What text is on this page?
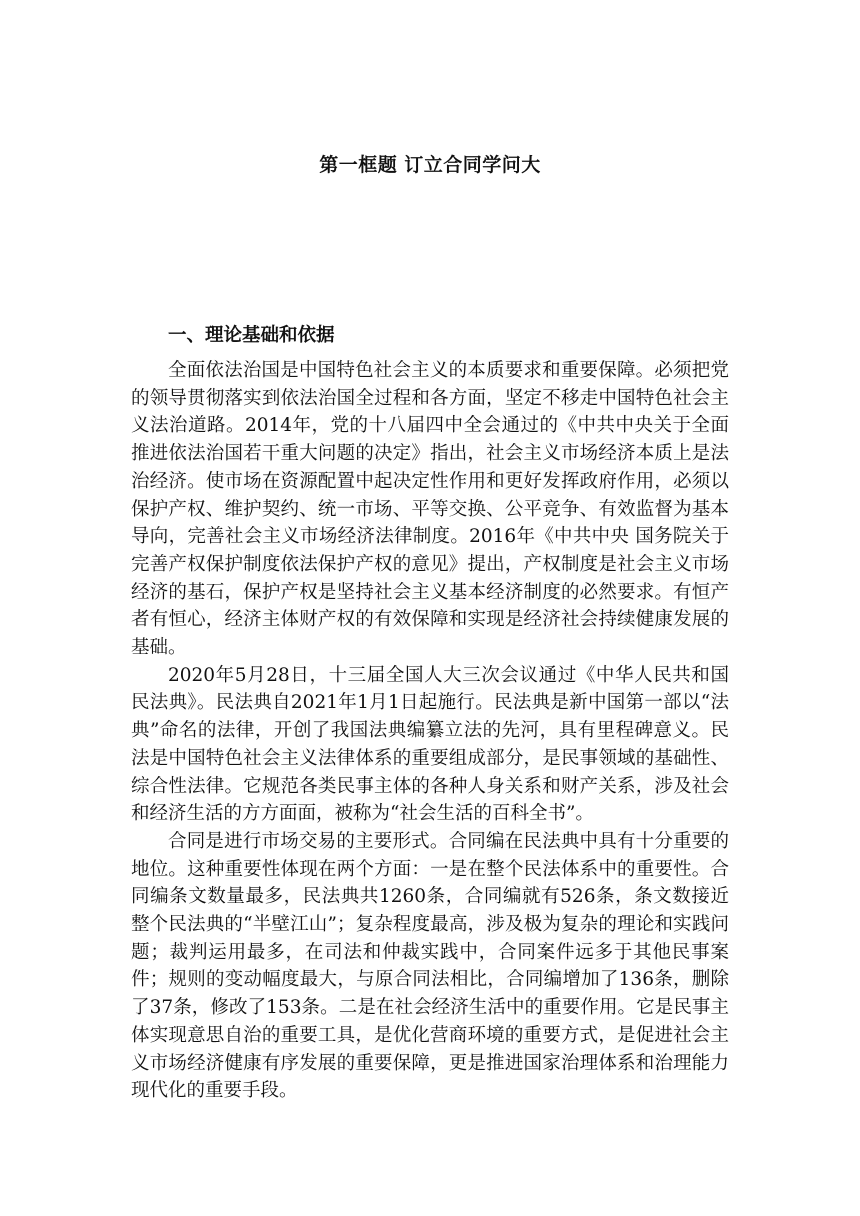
第一框题 订立合同学问大
一、理论基础和依据

全面依法治国是中国特色社会主义的本质要求和重要保障。必须把党的领导贯彻落实到依法治国全过程和各方面，坚定不移走中国特色社会主义法治道路。2014年，党的十八届四中全会通过的《中共中央关于全面推进依法治国若干重大问题的决定》指出，社会主义市场经济本质上是法治经济。使市场在资源配置中起决定性作用和更好发挥政府作用，必须以保护产权、维护契约、统一市场、平等交换、公平竞争、有效监督为基本导向，完善社会主义市场经济法律制度。2016年《中共中央 国务院关于完善产权保护制度依法保护产权的意见》提出，产权制度是社会主义市场经济的基石，保护产权是坚持社会主义基本经济制度的必然要求。有恒产者有恒心，经济主体财产权的有效保障和实现是经济社会持续健康发展的基础。

2020年5月28日，十三届全国人大三次会议通过《中华人民共和国民法典》。民法典自2021年1月1日起施行。民法典是新中国第一部以“法典”命名的法律，开创了我国法典编纂立法的先河，具有里程碑意义。民法是中国特色社会主义法律体系的重要组成部分，是民事领域的基础性、综合性法律。它规范各类民事主体的各种人身关系和财产关系，涉及社会和经济生活的方方面面，被称为“社会生活的百科全书”。

合同是进行市场交易的主要形式。合同编在民法典中具有十分重要的地位。这种重要性体现在两个方面：一是在整个民法体系中的重要性。合同编条文数量最多，民法典共1260条，合同编就有526条，条文数接近整个民法典的“半壁江山”；复杂程度最高，涉及极为复杂的理论和实践问题；裁判运用最多，在司法和仲裁实践中，合同案件远多于其他民事案件；规则的变动幅度最大，与原合同法相比，合同编增加了136条，删除了37条，修改了153条。二是在社会经济生活中的重要作用。它是民事主体实现意思自治的重要工具，是优化营商环境的重要方式，是促进社会主义市场经济健康有序发展的重要保障，更是推进国家治理体系和治理能力现代化的重要手段。
